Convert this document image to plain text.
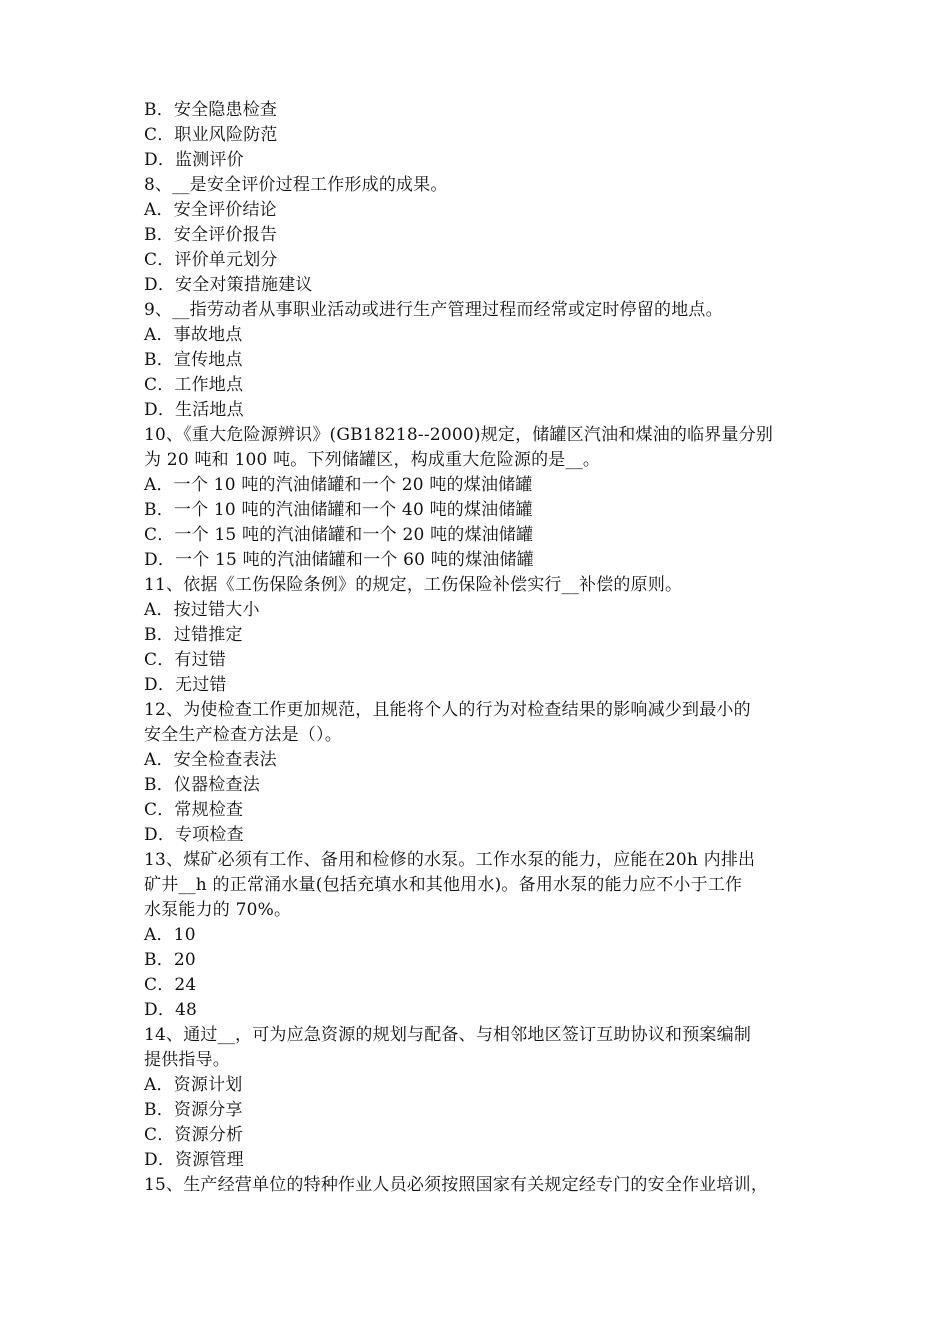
B．安全隐患检查
C．职业风险防范
D．监测评价
8、__是安全评价过程工作形成的成果。
A．安全评价结论
B．安全评价报告
C．评价单元划分
D．安全对策措施建议
9、__指劳动者从事职业活动或进行生产管理过程而经常或定时停留的地点。
A．事故地点
B．宣传地点
C．工作地点
D．生活地点
10、《重大危险源辨识》(GB18218--2000)规定，储罐区汽油和煤油的临界量分别
为 20 吨和 100 吨。下列储罐区，构成重大危险源的是__。
A．一个 10 吨的汽油储罐和一个 20 吨的煤油储罐
B．一个 10 吨的汽油储罐和一个 40 吨的煤油储罐
C．一个 15 吨的汽油储罐和一个 20 吨的煤油储罐
D．一个 15 吨的汽油储罐和一个 60 吨的煤油储罐
11、依据《工伤保险条例》的规定，工伤保险补偿实行__补偿的原则。
A．按过错大小
B．过错推定
C．有过错
D．无过错
12、为使检查工作更加规范，且能将个人的行为对检查结果的影响减少到最小的
安全生产检查方法是（）。
A．安全检查表法
B．仪器检查法
C．常规检查
D．专项检查
13、煤矿必须有工作、备用和检修的水泵。工作水泵的能力，应能在20h 内排出
矿井__h 的正常涌水量(包括充填水和其他用水)。备用水泵的能力应不小于工作
水泵能力的 70%。
A．10
B．20
C．24
D．48
14、通过__，可为应急资源的规划与配备、与相邻地区签订互助协议和预案编制
提供指导。
A．资源计划
B．资源分享
C．资源分析
D．资源管理
15、生产经营单位的特种作业人员必须按照国家有关规定经专门的安全作业培训，
